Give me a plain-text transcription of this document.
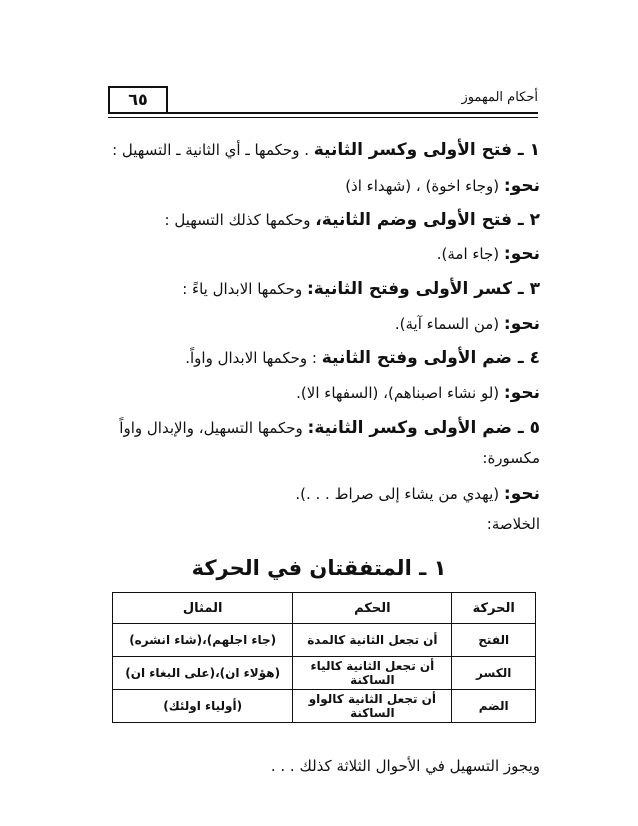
٦٥	أحكام المهموز
١ ـ فتح الأولى وكسر الثانية . وحكمها ـ أي الثانية ـ التسهيل :
نحو: (وجاء اخوة) ، (شهداء اذ)
٢ ـ فتح الأولى وضم الثانية، وحكمها كذلك التسهيل :
نحو: (جاء امة).
٣ ـ كسر الأولى وفتح الثانية: وحكمها الابدال ياءً :
نحو: (من السماء آية).
٤ ـ ضم الأولى وفتح الثانية : وحكمها الابدال واواً.
نحو: (لو نشاء اصبناهم)، (السفهاء الا).
٥ ـ ضم الأولى وكسر الثانية: وحكمها التسهيل، والإبدال واواً
مكسورة:
نحو: (يهدي من يشاء إلى صراط . . .).
الخلاصة:
١ ـ المتفقتان في الحركة
الحركة	الحكم	المثال
الفتح	أن تجعل الثانية كالمدة	(جاء اجلهم)،(شاء انشره)
الكسر	أن تجعل الثانية كالياء الساكنة	(هؤلاء ان)،(على البغاء ان)
الضم	أن تجعل الثانية كالواو الساكنة	(أولياء اولئك)
ويجوز التسهيل في الأحوال الثلاثة كذلك . . .
